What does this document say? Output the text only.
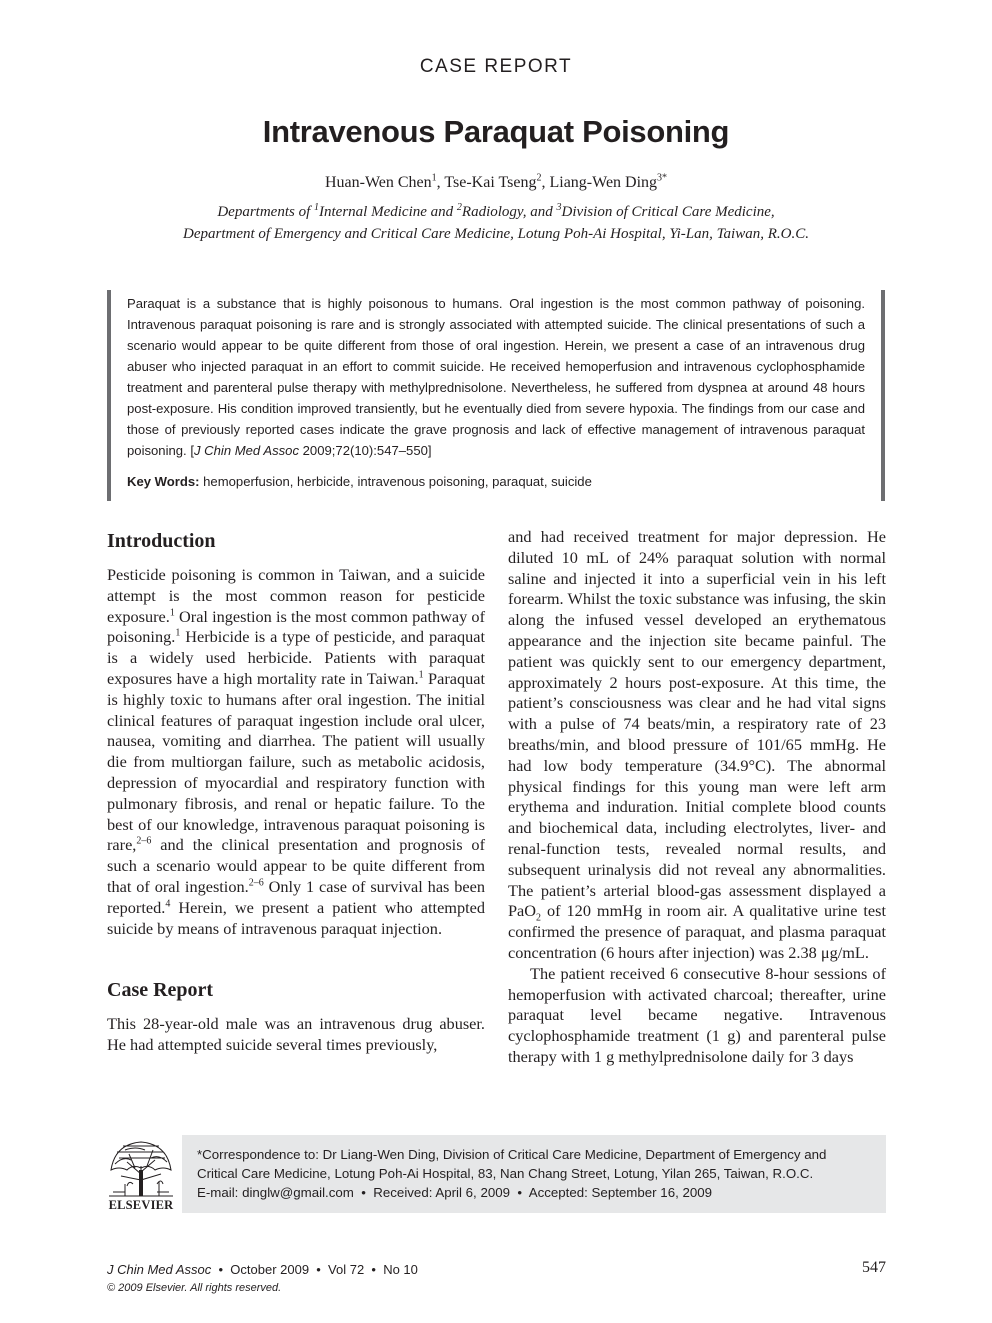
CASE REPORT
Intravenous Paraquat Poisoning
Huan-Wen Chen$^1$, Tse-Kai Tseng$^2$, Liang-Wen Ding$^{3*}$
Departments of $^1$Internal Medicine and $^2$Radiology, and $^3$Division of Critical Care Medicine,
Department of Emergency and Critical Care Medicine, Lotung Poh-Ai Hospital, Yi-Lan, Taiwan, R.O.C.

Paraquat is a substance that is highly poisonous to humans. Oral ingestion is the most common pathway of poisoning. Intravenous paraquat poisoning is rare and is strongly associated with attempted suicide. The clinical presentations of such a scenario would appear to be quite different from those of oral ingestion. Herein, we present a case of an intravenous drug abuser who injected paraquat in an effort to commit suicide. He received hemoperfusion and intravenous cyclophosphamide treatment and parenteral pulse therapy with methylprednisolone. Nevertheless, he suffered from dyspnea at around 48 hours post-exposure. His condition improved transiently, but he eventually died from severe hypoxia. The findings from our case and those of previously reported cases indicate the grave prognosis and lack of effective management of intravenous paraquat poisoning. [J Chin Med Assoc 2009;72(10):547–550]

Key Words: hemoperfusion, herbicide, intravenous poisoning, paraquat, suicide

Introduction

Pesticide poisoning is common in Taiwan, and a suicide attempt is the most common reason for pesticide exposure.$^1$ Oral ingestion is the most common pathway of poisoning.$^1$ Herbicide is a type of pesticide, and paraquat is a widely used herbicide. Patients with paraquat exposures have a high mortality rate in Taiwan.$^1$ Paraquat is highly toxic to humans after oral ingestion. The initial clinical features of paraquat ingestion include oral ulcer, nausea, vomiting and diarrhea. The patient will usually die from multiorgan failure, such as metabolic acidosis, depression of myocardial and respiratory function with pulmonary fibrosis, and renal or hepatic failure. To the best of our knowledge, intravenous paraquat poisoning is rare,$^{2-6}$ and the clinical presentation and prognosis of such a scenario would appear to be quite different from that of oral ingestion.$^{2-6}$ Only 1 case of survival has been reported.$^4$ Herein, we present a patient who attempted suicide by means of intravenous paraquat injection.

Case Report

This 28-year-old male was an intravenous drug abuser. He had attempted suicide several times previously,

and had received treatment for major depression. He diluted 10 mL of 24% paraquat solution with normal saline and injected it into a superficial vein in his left forearm. Whilst the toxic substance was infusing, the skin along the infused vessel developed an erythematous appearance and the injection site became painful. The patient was quickly sent to our emergency department, approximately 2 hours post-exposure. At this time, the patient’s consciousness was clear and he had vital signs with a pulse of 74 beats/min, a respiratory rate of 23 breaths/min, and blood pressure of 101/65 mmHg. He had low body temperature (34.9°C). The abnormal physical findings for this young man were left arm erythema and induration. Initial complete blood counts and biochemical data, including electrolytes, liver- and renal-function tests, revealed normal results, and subsequent urinalysis did not reveal any abnormalities. The patient’s arterial blood-gas assessment displayed a PaO$_2$ of 120 mmHg in room air. A qualitative urine test confirmed the presence of paraquat, and plasma paraquat concentration (6 hours after injection) was 2.38 μg/mL.

The patient received 6 consecutive 8-hour sessions of hemoperfusion with activated charcoal; thereafter, urine paraquat level became negative. Intravenous cyclophosphamide treatment (1 g) and parenteral pulse therapy with 1 g methylprednisolone daily for 3 days

ELSEVIER
*Correspondence to: Dr Liang-Wen Ding, Division of Critical Care Medicine, Department of Emergency and
Critical Care Medicine, Lotung Poh-Ai Hospital, 83, Nan Chang Street, Lotung, Yilan 265, Taiwan, R.O.C.
E-mail: dinglw@gmail.com  •  Received: April 6, 2009  •  Accepted: September 16, 2009
J Chin Med Assoc  •  October 2009  •  Vol 72  •  No 10
© 2009 Elsevier. All rights reserved.
547
